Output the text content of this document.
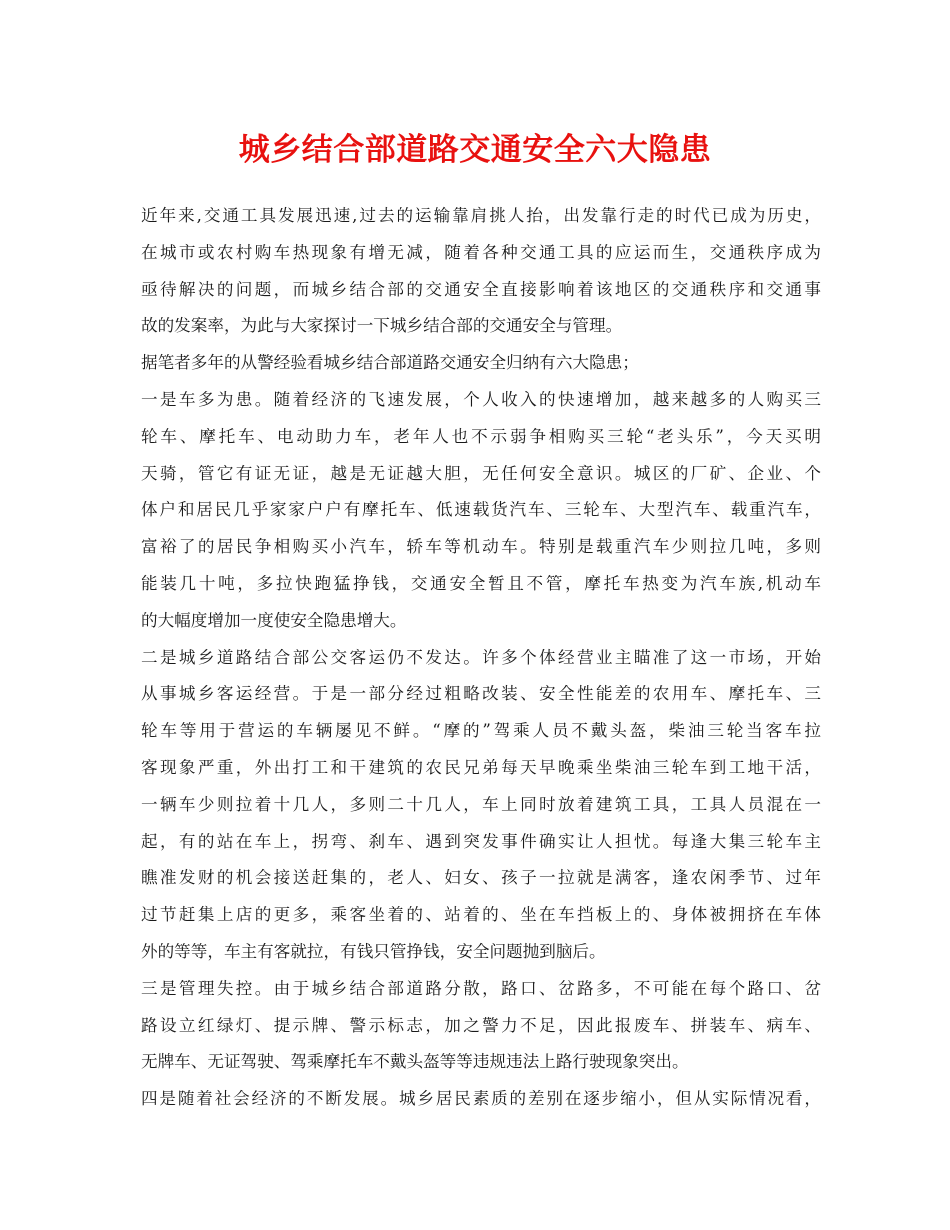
城乡结合部道路交通安全六大隐患
近年来,交通工具发展迅速,过去的运输靠肩挑人抬，出发靠行走的时代已成为历史，
在城市或农村购车热现象有增无减，随着各种交通工具的应运而生，交通秩序成为
亟待解决的问题，而城乡结合部的交通安全直接影响着该地区的交通秩序和交通事
故的发案率，为此与大家探讨一下城乡结合部的交通安全与管理。
据笔者多年的从警经验看城乡结合部道路交通安全归纳有六大隐患；
一是车多为患。随着经济的飞速发展，个人收入的快速增加，越来越多的人购买三
轮车、摩托车、电动助力车，老年人也不示弱争相购买三轮“老头乐”，今天买明
天骑，管它有证无证，越是无证越大胆，无任何安全意识。城区的厂矿、企业、个
体户和居民几乎家家户户有摩托车、低速载货汽车、三轮车、大型汽车、载重汽车，
富裕了的居民争相购买小汽车，轿车等机动车。特别是载重汽车少则拉几吨，多则
能装几十吨，多拉快跑猛挣钱，交通安全暂且不管，摩托车热变为汽车族,机动车
的大幅度增加一度使安全隐患增大。
二是城乡道路结合部公交客运仍不发达。许多个体经营业主瞄准了这一市场，开始
从事城乡客运经营。于是一部分经过粗略改装、安全性能差的农用车、摩托车、三
轮车等用于营运的车辆屡见不鲜。“摩的”驾乘人员不戴头盔，柴油三轮当客车拉
客现象严重，外出打工和干建筑的农民兄弟每天早晚乘坐柴油三轮车到工地干活，
一辆车少则拉着十几人，多则二十几人，车上同时放着建筑工具，工具人员混在一
起，有的站在车上，拐弯、刹车、遇到突发事件确实让人担忧。每逢大集三轮车主
瞧准发财的机会接送赶集的，老人、妇女、孩子一拉就是满客，逢农闲季节、过年
过节赶集上店的更多，乘客坐着的、站着的、坐在车挡板上的、身体被拥挤在车体
外的等等，车主有客就拉，有钱只管挣钱，安全问题抛到脑后。
三是管理失控。由于城乡结合部道路分散，路口、岔路多，不可能在每个路口、岔
路设立红绿灯、提示牌、警示标志，加之警力不足，因此报废车、拼装车、病车、
无牌车、无证驾驶、驾乘摩托车不戴头盔等等违规违法上路行驶现象突出。
四是随着社会经济的不断发展。城乡居民素质的差别在逐步缩小，但从实际情况看，
